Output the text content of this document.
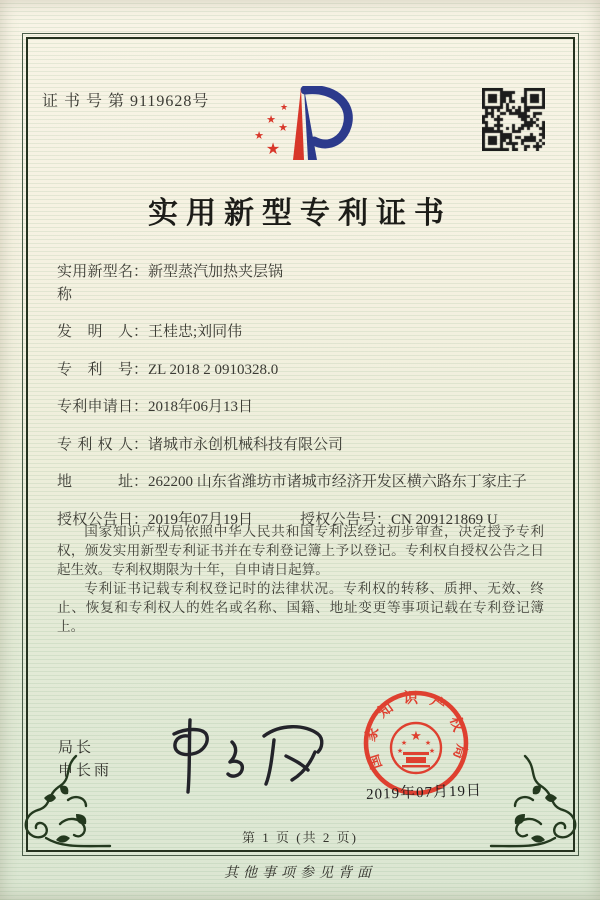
证书号第9119628号	★
★
★
★
★
实用新型专利证书
实用新型名称
： 新型蒸汽加热夹层锅
发明人 ： 王桂忠;刘同伟
专利号 ： ZL 2018 2 0910328.0
专利申请日 ： 2018年06月13日
专利权人 ： 诸城市永创机械科技有限公司
地址 ： 262200 山东省潍坊市诸城市经济开发区横六路东丁家庄子
授权公告日 ： 2019年07月19日	授权公告号 ： CN 209121869 U

国家知识产权局依照中华人民共和国专利法经过初步审查，决定授予专利权，颁发实用新型专利证书并在专利登记簿上予以登记。专利权自授权公告之日起生效。专利权期限为十年，自申请日起算。

专利证书记载专利权登记时的法律状况。专利权的转移、质押、无效、终止、恢复和专利权人的姓名或名称、国籍、地址变更等事项记载在专利登记簿上。

局长
申长雨	国家知识产权局
★
★	★
★	★
2019年07月19日
第 1 页 (共 2 页)
其他事项参见背面
